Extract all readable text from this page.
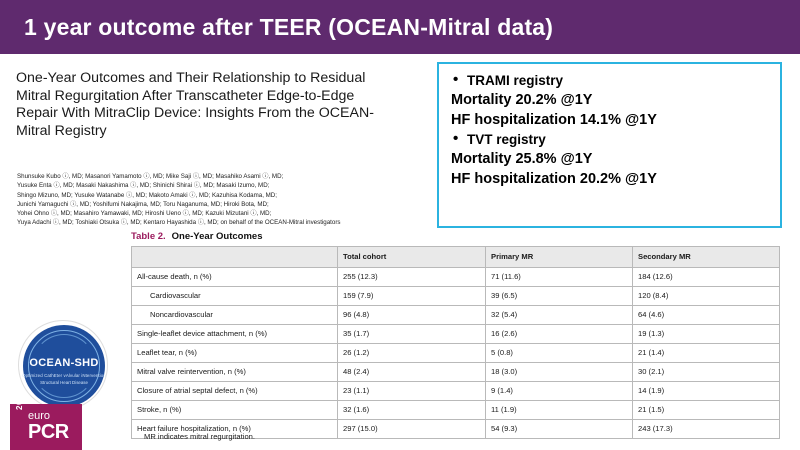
1 year outcome after TEER (OCEAN-Mitral data)
One-Year Outcomes and Their Relationship to Residual Mitral Regurgitation After Transcatheter Edge-to-Edge Repair With MitraClip Device: Insights From the OCEAN-Mitral Registry
Shunsuke Kubo ⓘ, MD; Masanori Yamamoto ⓘ, MD; Mike Saji ⓘ, MD; Masahiko Asami ⓘ, MD;
Yusuke Enta ⓘ, MD; Masaki Nakashima ⓘ, MD; Shinichi Shirai ⓘ, MD; Masaki Izumo, MD;
Shingo Mizuno, MD; Yusuke Watanabe ⓘ, MD; Makoto Amaki ⓘ, MD; Kazuhisa Kodama, MD;
Junichi Yamaguchi ⓘ, MD; Yoshifumi Nakajima, MD; Toru Naganuma, MD; Hiroki Bota, MD;
Yohei Ohno ⓘ, MD; Masahiro Yamawaki, MD; Hiroshi Ueno ⓘ, MD; Kazuki Mizutani ⓘ, MD;
Yuya Adachi ⓘ, MD; Toshiaki Otsuka ⓘ, MD; Kentaro Hayashida ⓘ, MD; on behalf of the OCEAN-Mitral investigators
• TRAMI registry
Mortality 20.2% @1Y
HF hospitalization 14.1% @1Y
• TVT registry
Mortality 25.8% @1Y
HF hospitalization 20.2% @1Y
Table 2. One-Year Outcomes
	Total cohort	Primary MR	Secondary MR
All-cause death, n (%)	255 (12.3)	71 (11.6)	184 (12.6)
Cardiovascular	159 (7.9)	39 (6.5)	120 (8.4)
Noncardiovascular	96 (4.8)	32 (5.4)	64 (4.6)
Single-leaflet device attachment, n (%)	35 (1.7)	16 (2.6)	19 (1.3)
Leaflet tear, n (%)	26 (1.2)	5 (0.8)	21 (1.4)
Mitral valve reintervention, n (%)	48 (2.4)	18 (3.0)	30 (2.1)
Closure of atrial septal defect, n (%)	23 (1.1)	9 (1.4)	14 (1.9)
Stroke, n (%)	32 (1.6)	11 (1.9)	21 (1.5)
Heart failure hospitalization, n (%)	297 (15.0)	54 (9.3)	243 (17.3)
MR indicates mitral regurgitation.
OCEAN-SHD
Optimized CathEter vAlvular iNtervention
Structural Heart Disease
2024
euro
PCR
